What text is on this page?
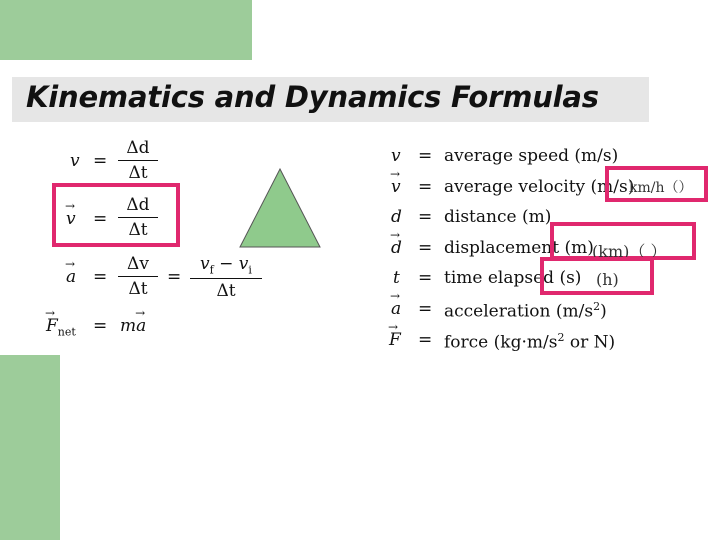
Kinematics and Dynamics Formulas
$v = \frac{\Delta d}{\Delta t}$
→ $v = \frac{\Delta d}{\Delta t}$
→ $a = \frac{\Delta v}{\Delta t} = \frac{v_f - v_i}{\Delta t}$
→ $F_{net} = m\to a$
v = average speed (m/s)
→ v = average velocity (m/s)
d = distance (m)
→ d = displacement (m)
t = time elapsed (s)
→ a = acceleration $(m/s^2)$
→ F = force ($kg\cdot m/s^2$ or N)
km/h（）
(km)（ ）
(h)
